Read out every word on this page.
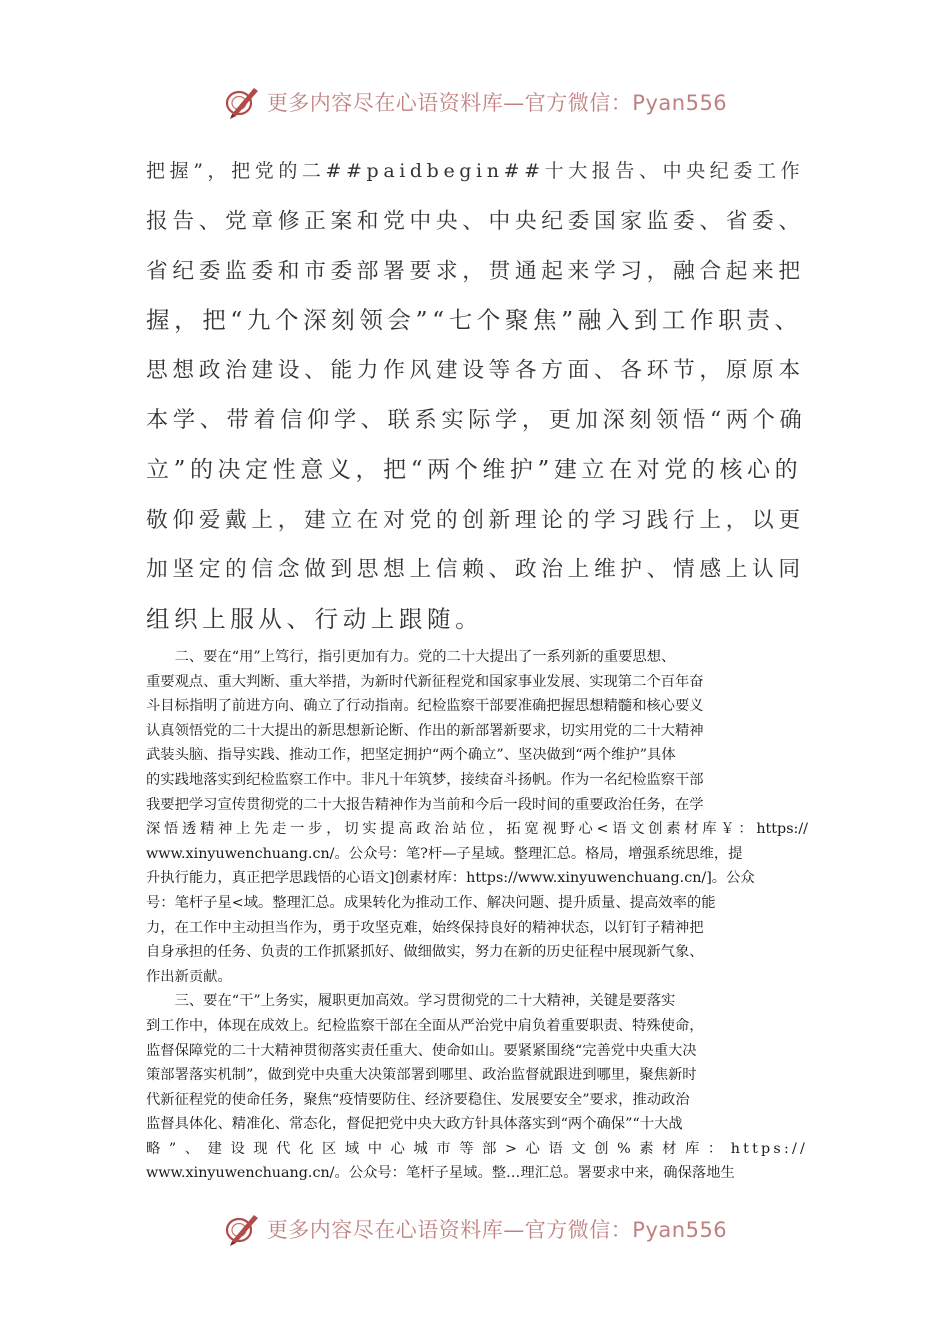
更多内容尽在心语资料库—官方微信：Pyan556

把握”，把党的二##paidbegin##十大报告、中央纪委工作

报告、党章修正案和党中央、中央纪委国家监委、省委、

省纪委监委和市委部署要求，贯通起来学习，融合起来把

握，把“九个深刻领会”“七个聚焦”融入到工作职责、

思想政治建设、能力作风建设等各方面、各环节，原原本

本学、带着信仰学、联系实际学，更加深刻领悟“两个确

立”的决定性意义，把“两个维护”建立在对党的核心的

敬仰爱戴上，建立在对党的创新理论的学习践行上，以更

加坚定的信念做到思想上信赖、政治上维护、情感上认同

组织上服从、行动上跟随。

　　二、要在“用”上笃行，指引更加有力。党的二十大提出了一系列新的重要思想、

重要观点、重大判断、重大举措，为新时代新征程党和国家事业发展、实现第二个百年奋

斗目标指明了前进方向、确立了行动指南。纪检监察干部要准确把握思想精髓和核心要义

认真领悟党的二十大提出的新思想新论断、作出的新部署新要求，切实用党的二十大精神

武装头脑、指导实践、推动工作，把坚定拥护“两个确立”、坚决做到“两个维护”具体

的实践地落实到纪检监察工作中。非凡十年筑梦，接续奋斗扬帆。作为一名纪检监察干部

我要把学习宣传贯彻党的二十大报告精神作为当前和今后一段时间的重要政治任务，在学

深悟透精神上先走一步，切实提高政治站位，拓宽视野心<语文创素材库￥：https://

www.xinyuwenchuang.cn/。公众号：笔?杆—子星域。整理汇总。格局，增强系统思维，提

升执行能力，真正把学思践悟的心语文]创素材库：https://www.xinyuwenchuang.cn/]。公众

号：笔杆子星<域。整理汇总。成果转化为推动工作、解决问题、提升质量、提高效率的能

力，在工作中主动担当作为，勇于攻坚克难，始终保持良好的精神状态，以钉钉子精神把

自身承担的任务、负责的工作抓紧抓好、做细做实，努力在新的历史征程中展现新气象、

作出新贡献。

　　三、要在“干”上务实，履职更加高效。学习贯彻党的二十大精神，关键是要落实

到工作中，体现在成效上。纪检监察干部在全面从严治党中肩负着重要职责、特殊使命，

监督保障党的二十大精神贯彻落实责任重大、使命如山。要紧紧围绕“完善党中央重大决

策部署落实机制”，做到党中央重大决策部署到哪里、政治监督就跟进到哪里，聚焦新时

代新征程党的使命任务，聚焦“疫情要防住、经济要稳住、发展要安全”要求，推动政治

监督具体化、精准化、常态化，督促把党中央大政方针具体落实到“两个确保”“十大战

略”、建设现代化区域中心城市等部>心语文创%素材库：https://

www.xinyuwenchuang.cn/。公众号：笔杆子星域。整…理汇总。署要求中来，确保落地生

更多内容尽在心语资料库—官方微信：Pyan556
